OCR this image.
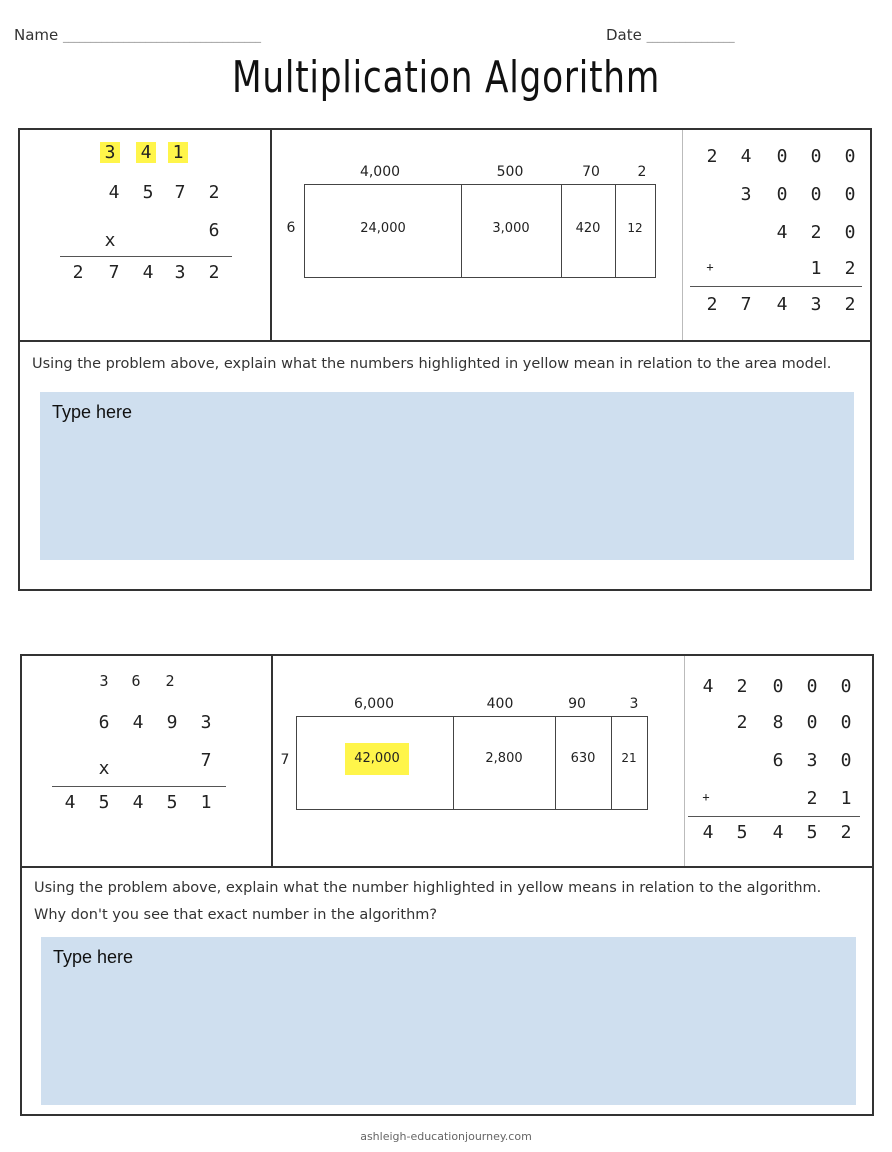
Name ____________________________________	Date ________________
Multiplication Algorithm
3 4 1
4 5 7 2
x	6
2 7 4 3 2
6
4,000	500	70	2
24,000	3,000	420	12
2 4 0 0 0
3 0 0 0
4 2 0
+	1 2
2 7 4 3 2
Using the problem above, explain what the numbers highlighted in yellow mean in relation to the area model.
Type here
3	6	2
6 4 9 3
x	7
4 5 4 5 1
7
6,000	400	90	3
42,000	2,800	630	21
4 2 0 0 0
2 8 0 0
6 3 0
+	2 1
4 5 4 5 2
Using the problem above, explain what the number highlighted in yellow means in relation to the algorithm.
Why don't you see that exact number in the algorithm?
Type here
ashleigh-educationjourney.com
